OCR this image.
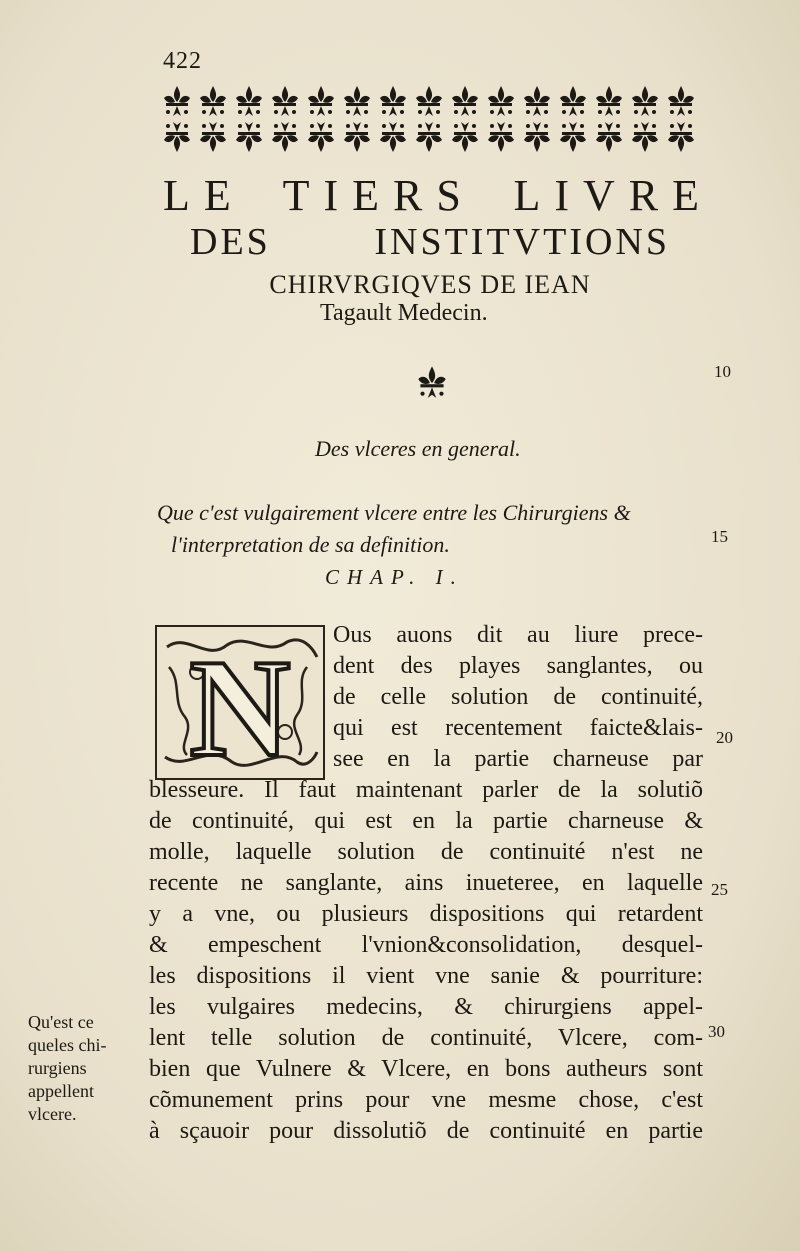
422
LE TIERS LIVRE
DES INSTITVTIONS
CHIRVRGIQVES DE IEAN
Tagault Medecin.
Des vlceres en general.
Que c'est vulgairement vlcere entre les Chirurgiens &
l'interpretation de sa definition.
CHAP. I.
N Ous auons dit au liure prece-
dent des playes sanglantes, ou
de celle solution de continuité,
qui est recentement faicte&lais-
see en la partie charneuse par
blesseure. Il faut maintenant parler de la solutiõ
de continuité, qui est en la partie charneuse &
molle, laquelle solution de continuité n'est ne
recente ne sanglante, ains inueteree, en laquelle
y a vne, ou plusieurs dispositions qui retardent
& empeschent l'vnion&consolidation, desquel-
les dispositions il vient vne sanie & pourriture:
les vulgaires medecins, & chirurgiens appel-
lent telle solution de continuité, Vlcere, com-
bien que Vulnere & Vlcere, en bons autheurs sont
cõmunement prins pour vne mesme chose, c'est
à sçauoir pour dissolutiõ de continuité en partie
10
15
20
25
30
Qu'est ce
queles chi-
rurgiens
appellent
vlcere.
